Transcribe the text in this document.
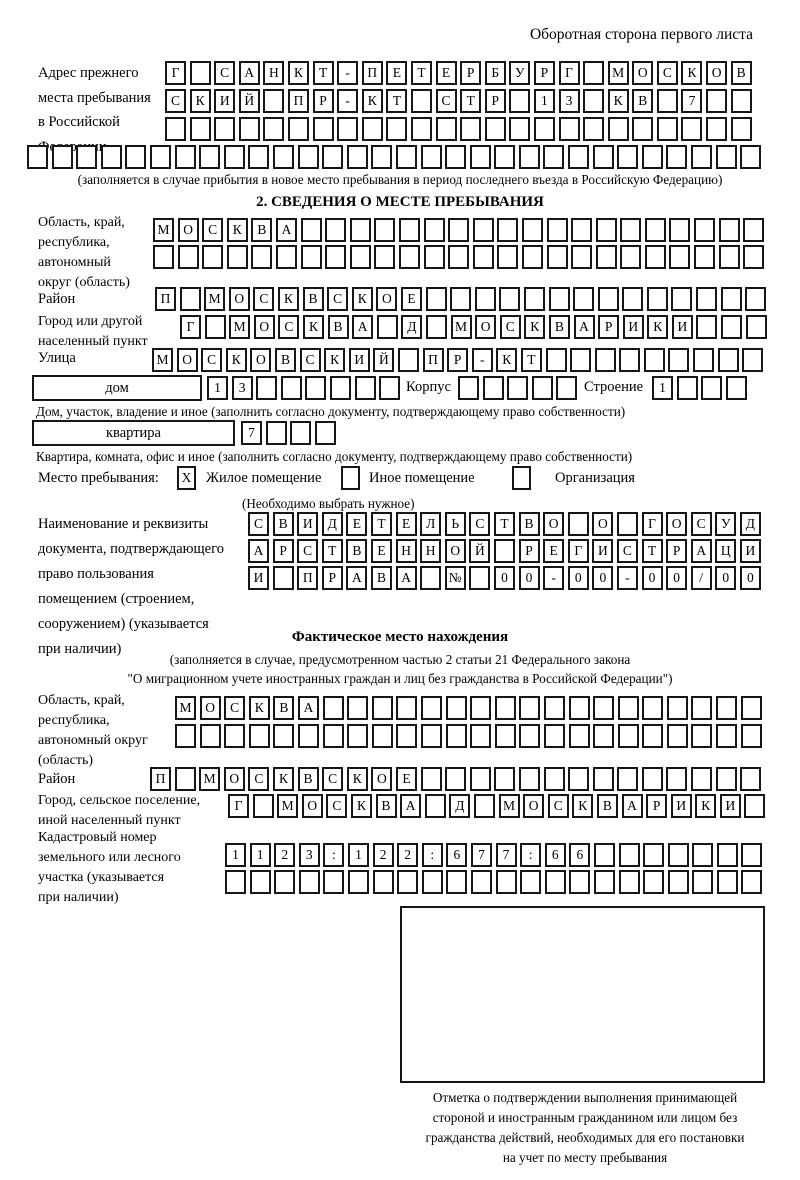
Оборотная сторона первого листа
Адрес прежнего
места пребывания
в Российской
Г	С	А	Н	К	Т	-	П	Е	Т	Е	Р	Б	У	Р	Г	М	О	С	К	О	В
С	К	И	Й	П	Р	-	К	Т	С	Т	Р	1	3	К	В	7
(заполняется в случае прибытия в новое место пребывания в период последнего въезда в Российскую Федерацию)
2. СВЕДЕНИЯ О МЕСТЕ ПРЕБЫВАНИЯ
Область, край,
республика,
автономный
округ (область)
М	О	С	К	В	А
Район	П	М	О	С	К	В	С	К	О	Е
Город или другой
населенный пункт
Г	М	О	С	К	В	А	Д	М	О	С	К	В	А	Р	И	К	И
Улица	М	О	С	К	О	В	С	К	И	Й	П	Р	-	К	Т
дом	1	3	Корпус	Строение	1
Дом, участок, владение и иное (заполнить согласно документу, подтверждающему право собственности)
квартира	7
Квартира, комната, офис и иное (заполнить согласно документу, подтверждающему право собственности)
Место пребывания:	X	Жилое помещение	Иное помещение	Организация
(Необходимо выбрать нужное)
Наименование и реквизиты
документа, подтверждающего
право пользования
помещением (строением,
сооружением) (указывается
при наличии)
С	В	И	Д	Е	Т	Е	Л	Ь	С	Т	В	О	О	Г	О	С	У	Д
А	Р	С	Т	В	Е	Н	Н	О	Й	Р	Е	Г	И	С	Т	Р	А	Ц	И
И	П	Р	А	В	А	№	0	0	-	0	0	-	0	0	/	0	0
Фактическое место нахождения
(заполняется в случае, предусмотренном частью 2 статьи 21 Федерального закона
"О миграционном учете иностранных граждан и лиц без гражданства в Российской Федерации")
Область, край,
республика,
автономный округ
(область)
М	О	С	К	В	А
Район	П	М	О	С	К	В	С	К	О	Е
Город, сельское поселение,
иной населенный пункт
Г	М	О	С	К	В	А	Д	М	О	С	К	В	А	Р	И	К	И
Кадастровый номер
земельного или лесного
участка (указывается
при наличии)
1	1	2	3	:	1	2	2	:	6	7	7	:	6	6
Отметка о подтверждении выполнения принимающей
стороной и иностранным гражданином или лицом без
гражданства действий, необходимых для его постановки
на учет по месту пребывания
